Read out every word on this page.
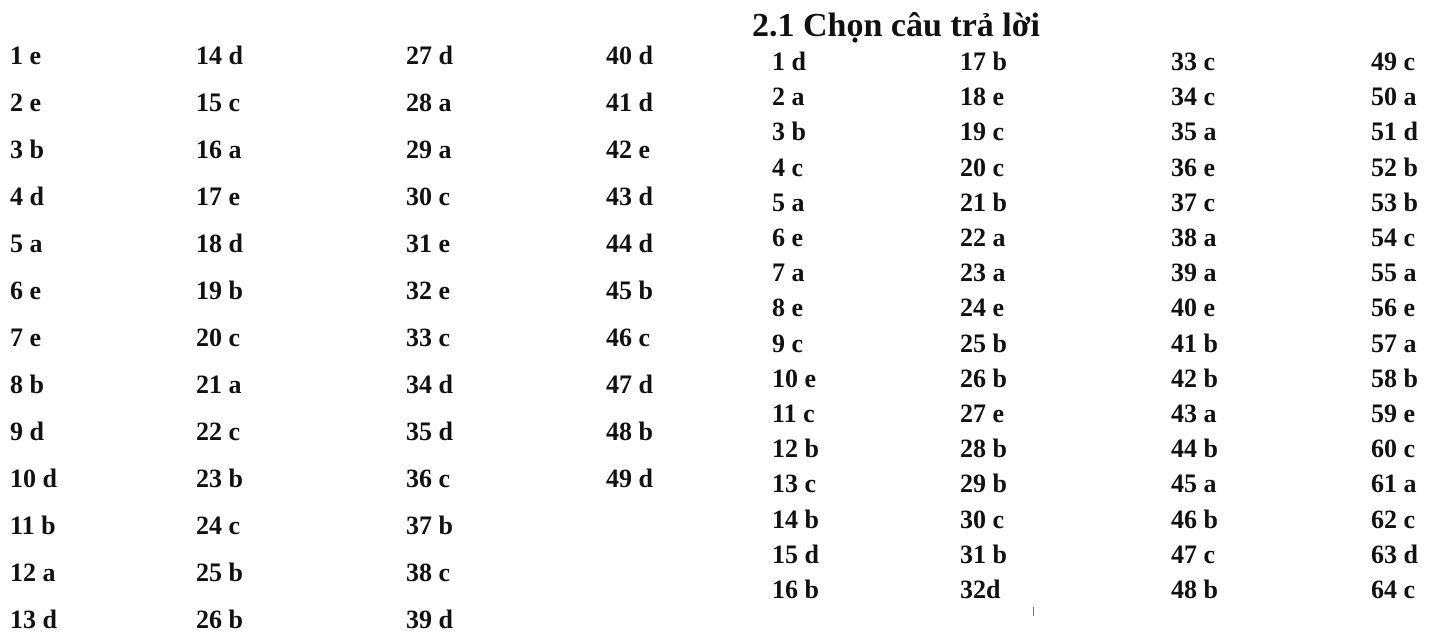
1 e
2 e
3 b
4 d
5 a
6 e
7 e
8 b
9 d
10 d
11 b
12 a
13 d
14 d
15 c
16 a
17 e
18 d
19 b
20 c
21 a
22 c
23 b
24 c
25 b
26 b
27 d
28 a
29 a
30 c
31 e
32 e
33 c
34 d
35 d
36 c
37 b
38 c
39 d
40 d
41 d
42 e
43 d
44 d
45 b
46 c
47 d
48 b
49 d
2.1 Chọn câu trả lời
1 d
2 a
3 b
4 c
5 a
6 e
7 a
8 e
9 c
10 e
11 c
12 b
13 c
14 b
15 d
16 b
17 b
18 e
19 c
20 c
21 b
22 a
23 a
24 e
25 b
26 b
27 e
28 b
29 b
30 c
31 b
32d
33 c
34 c
35 a
36 e
37 c
38 a
39 a
40 e
41 b
42 b
43 a
44 b
45 a
46 b
47 c
48 b
49 c
50 a
51 d
52 b
53 b
54 c
55 a
56 e
57 a
58 b
59 e
60 c
61 a
62 c
63 d
64 c
